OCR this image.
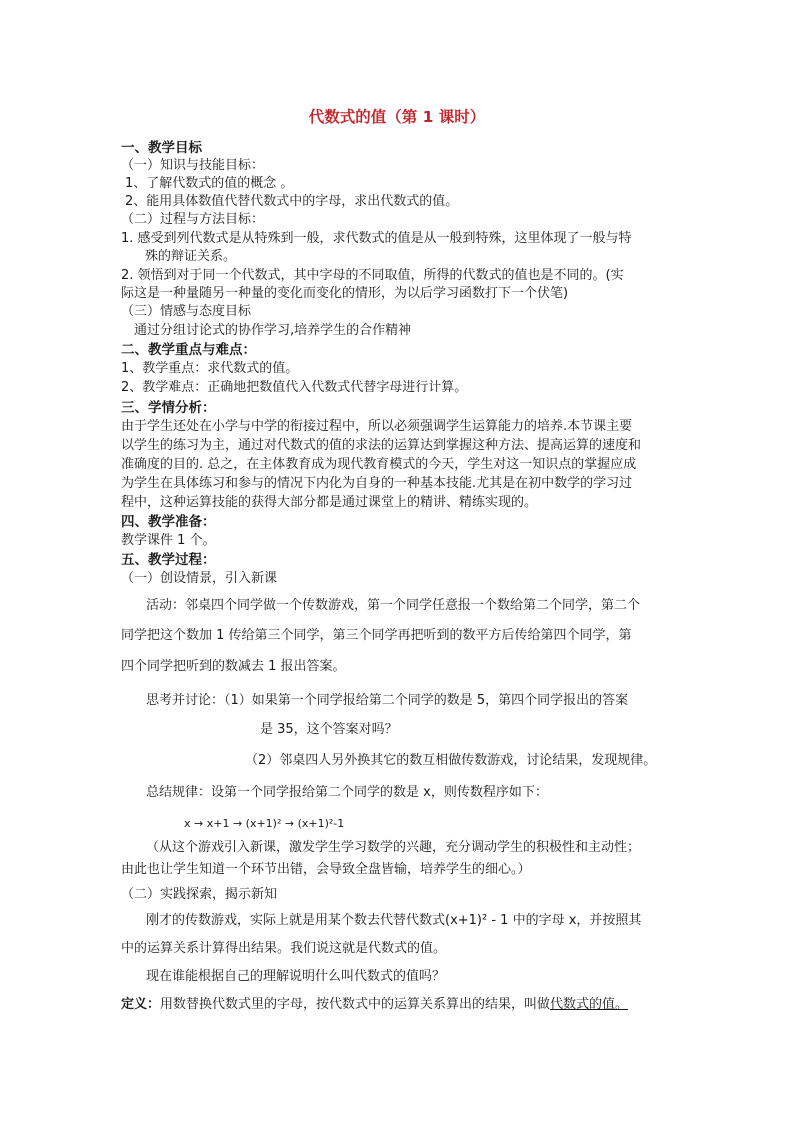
代数式的值（第 1 课时）
一、教学目标
（一）知识与技能目标：
1、了解代数式的值的概念 。
2、能用具体数值代替代数式中的字母，求出代数式的值。
（二）过程与方法目标：
1. 感受到列代数式是从特殊到一般，求代数式的值是从一般到特殊，这里体现了一般与特
殊的辩证关系。
2. 领悟到对于同一个代数式，其中字母的不同取值，所得的代数式的值也是不同的。(实
际这是一种量随另一种量的变化而变化的情形，为以后学习函数打下一个伏笔)
（三）情感与态度目标
通过分组讨论式的协作学习,培养学生的合作精神
二、教学重点与难点：
1、教学重点：求代数式的值。
2、教学难点：正确地把数值代入代数式代替字母进行计算。
三、学情分析：
由于学生还处在小学与中学的衔接过程中，所以必须强调学生运算能力的培养.本节课主要
以学生的练习为主，通过对代数式的值的求法的运算达到掌握这种方法、提高运算的速度和
准确度的目的. 总之，在主体教育成为现代教育模式的今天，学生对这一知识点的掌握应成
为学生在具体练习和参与的情况下内化为自身的一种基本技能.尤其是在初中数学的学习过
程中，这种运算技能的获得大部分都是通过课堂上的精讲、精练实现的。
四、教学准备：
教学课件 1 个。
五、教学过程：
（一）创设情景，引入新课
活动：邻桌四个同学做一个传数游戏，第一个同学任意报一个数给第二个同学，第二个
同学把这个数加 1 传给第三个同学，第三个同学再把听到的数平方后传给第四个同学，第
四个同学把听到的数减去 1 报出答案。
思考并讨论：（1）如果第一个同学报给第二个同学的数是 5，第四个同学报出的答案
是 35，这个答案对吗？
（2）邻桌四人另外换其它的数互相做传数游戏，讨论结果，发现规律。
总结规律：设第一个同学报给第二个同学的数是 x，则传数程序如下：
x → x+1 → (x+1)² → (x+1)²-1
（从这个游戏引入新课，激发学生学习数学的兴趣，充分调动学生的积极性和主动性；
由此也让学生知道一个环节出错，会导致全盘皆输，培养学生的细心。）
（二）实践探索，揭示新知
刚才的传数游戏，实际上就是用某个数去代替代数式(x+1)² - 1 中的字母 x，并按照其
中的运算关系计算得出结果。我们说这就是代数式的值。
现在谁能根据自己的理解说明什么叫代数式的值吗？
定义：用数替换代数式里的字母，按代数式中的运算关系算出的结果，叫做代数式的值。
